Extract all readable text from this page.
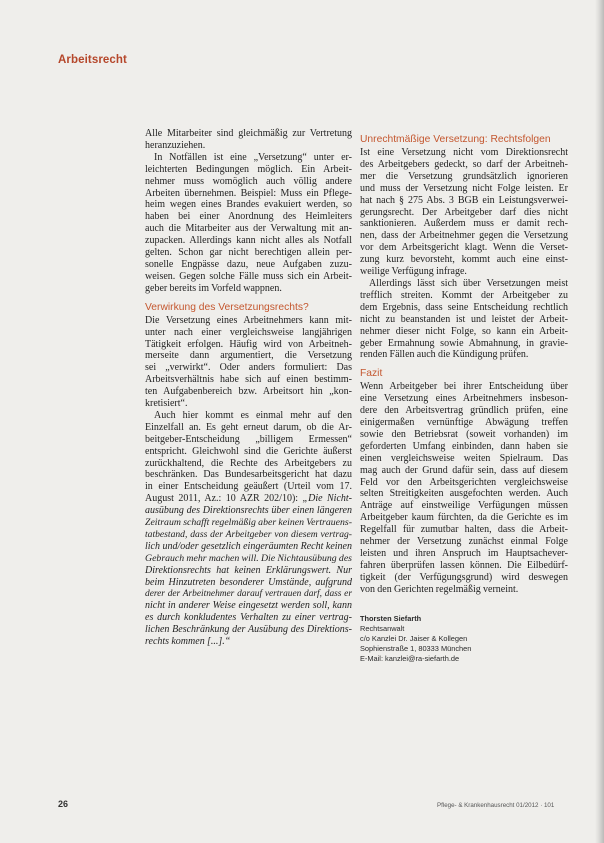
Arbeitsrecht
Alle Mitarbeiter sind gleichmäßig zur Vertretung
heranzuziehen.
In Notfällen ist eine „Versetzung“ unter er-
leichterten Bedingungen möglich. Ein Arbeit-
nehmer muss womöglich auch völlig andere
Arbeiten übernehmen. Beispiel: Muss ein Pflege-
heim wegen eines Brandes evakuiert werden, so
haben bei einer Anordnung des Heimleiters
auch die Mitarbeiter aus der Verwaltung mit an-
zupacken. Allerdings kann nicht alles als Notfall
gelten. Schon gar nicht berechtigen allein per-
sonelle Engpässe dazu, neue Aufgaben zuzu-
weisen. Gegen solche Fälle muss sich ein Arbeit-
geber bereits im Vorfeld wappnen.
Verwirkung des Versetzungsrechts?
Die Versetzung eines Arbeitnehmers kann mit-
unter nach einer vergleichsweise langjährigen
Tätigkeit erfolgen. Häufig wird von Arbeitneh-
merseite dann argumentiert, die Versetzung
sei „verwirkt“. Oder anders formuliert: Das
Arbeitsverhältnis habe sich auf einen bestimm-
ten Aufgabenbereich bzw. Arbeitsort hin „kon-
kretisiert“.
Auch hier kommt es einmal mehr auf den
Einzelfall an. Es geht erneut darum, ob die Ar-
beitgeber-Entscheidung „billigem Ermessen“
entspricht. Gleichwohl sind die Gerichte äußerst
zurückhaltend, die Rechte des Arbeitgebers zu
beschränken. Das Bundesarbeitsgericht hat dazu
in einer Entscheidung geäußert (Urteil vom 17.
August 2011, Az.: 10 AZR 202/10): „Die Nicht-
ausübung des Direktionsrechts über einen längeren
Zeitraum schafft regelmäßig aber keinen Vertrauens-
tatbestand, dass der Arbeitgeber von diesem vertrag-
lich und/oder gesetzlich eingeräumten Recht keinen
Gebrauch mehr machen will. Die Nichtausübung des
Direktionsrechts hat keinen Erklärungswert. Nur
beim Hinzutreten besonderer Umstände, aufgrund
derer der Arbeitnehmer darauf vertrauen darf, dass er
nicht in anderer Weise eingesetzt werden soll, kann
es durch konkludentes Verhalten zu einer vertrag-
lichen Beschränkung der Ausübung des Direktions-
rechts kommen [...].“
Unrechtmäßige Versetzung: Rechtsfolgen
Ist eine Versetzung nicht vom Direktionsrecht
des Arbeitgebers gedeckt, so darf der Arbeitneh-
mer die Versetzung grundsätzlich ignorieren
und muss der Versetzung nicht Folge leisten. Er
hat nach § 275 Abs. 3 BGB ein Leistungsverwei-
gerungsrecht. Der Arbeitgeber darf dies nicht
sanktionieren. Außerdem muss er damit rech-
nen, dass der Arbeitnehmer gegen die Versetzung
vor dem Arbeitsgericht klagt. Wenn die Verset-
zung kurz bevorsteht, kommt auch eine einst-
weilige Verfügung infrage.
Allerdings lässt sich über Versetzungen meist
trefflich streiten. Kommt der Arbeitgeber zu
dem Ergebnis, dass seine Entscheidung rechtlich
nicht zu beanstanden ist und leistet der Arbeit-
nehmer dieser nicht Folge, so kann ein Arbeit-
geber Ermahnung sowie Abmahnung, in gravie-
renden Fällen auch die Kündigung prüfen.
Fazit
Wenn Arbeitgeber bei ihrer Entscheidung über
eine Versetzung eines Arbeitnehmers insbeson-
dere den Arbeitsvertrag gründlich prüfen, eine
einigermaßen vernünftige Abwägung treffen
sowie den Betriebsrat (soweit vorhanden) im
geforderten Umfang einbinden, dann haben sie
einen vergleichsweise weiten Spielraum. Das
mag auch der Grund dafür sein, dass auf diesem
Feld vor den Arbeitsgerichten vergleichsweise
selten Streitigkeiten ausgefochten werden. Auch
Anträge auf einstweilige Verfügungen müssen
Arbeitgeber kaum fürchten, da die Gerichte es im
Regelfall für zumutbar halten, dass die Arbeit-
nehmer der Versetzung zunächst einmal Folge
leisten und ihren Anspruch im Hauptsachever-
fahren überprüfen lassen können. Die Eilbedürf-
tigkeit (der Verfügungsgrund) wird deswegen
von den Gerichten regelmäßig verneint.
Thorsten Siefarth
Rechtsanwalt
c/o Kanzlei Dr. Jaiser & Kollegen
Sophienstraße 1, 80333 München
E-Mail: kanzlei@ra-siefarth.de
26	Pflege- & Krankenhausrecht 01/2012 · 101
